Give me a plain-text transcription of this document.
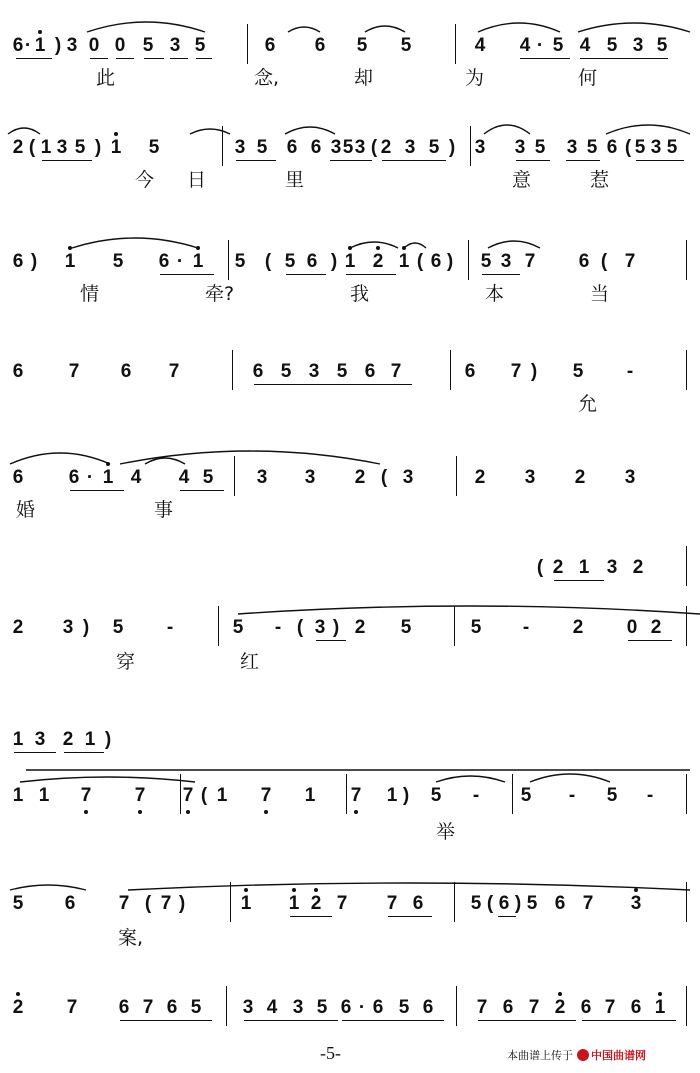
6 · 1 ) 3 0 0 5 3 5	6 6 5 5	4 4 · 5 4 5 3 5
此	念,	却	为	何
2 ( 1 3 5 ) 1 5	3 5 6 6 3 5 3 ( 2 3 5 )	3 3 5 3 5 6 ( 5 3 5
今 日	里	意	惹
6 )	1 5 6 · 1 5	( 5 6 ) 1 2 1 ( 6 )	5 3 7 6 ( 7
情	牵?	我	本	当
6 7 6 7	6 5 3 5 6 7	6 7 )	5	-
允
6 6 · 1 4 4 5 3 3 2 ( 3	2 3 2 3
婚	事
2 3 )	5	-	5	- ( 3 ) 2 5	5	-	2 0 2
( 2 1 3 2
穿	红
1 1 7 7 7 ( 1 7 1 7 1 )	5	-	5	-	5	-
1 3 2 1 )
举
5 6 7 ( 7 )	1 1 2 7 7 6 5 ( 6 ) 5 6 7 3
案,
2 7 6 7 6 5 3 4 3 5 6 · 6 5 6 7 6 7 2 6 7 6 1
-5-	本曲谱上传于 中国曲谱网
